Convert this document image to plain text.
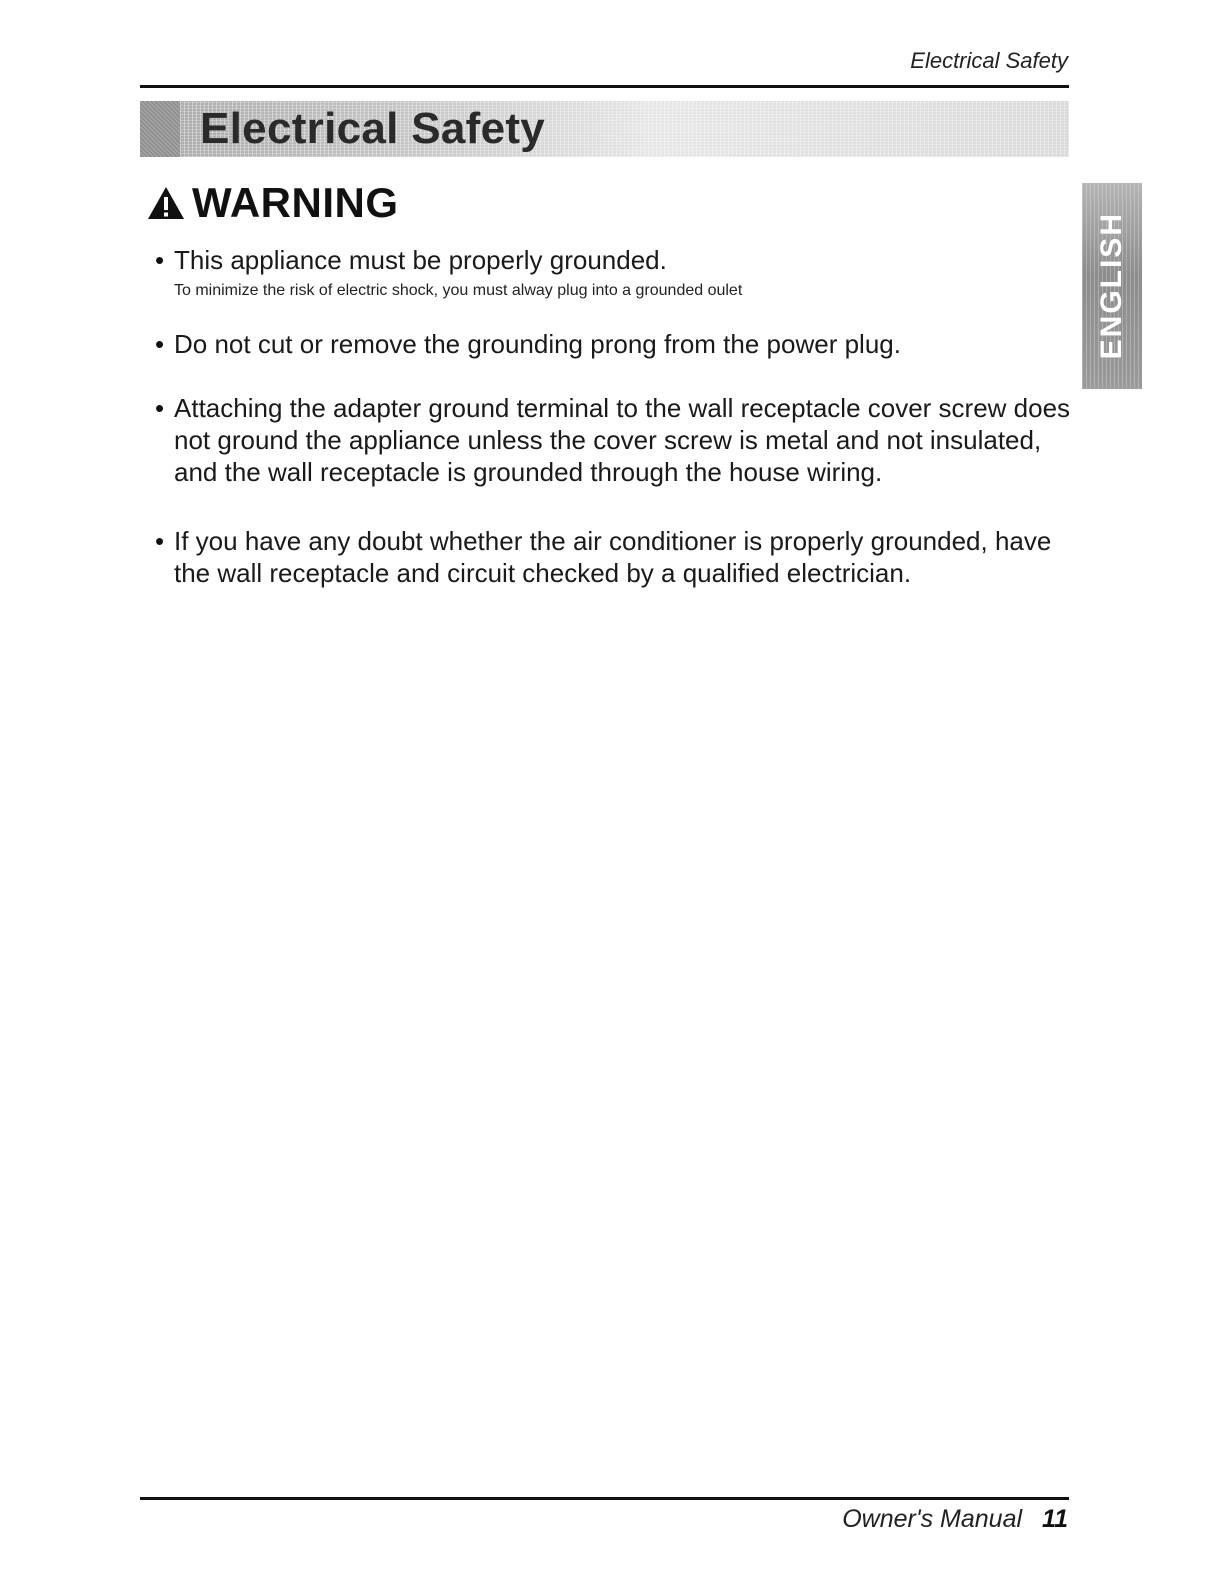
Electrical Safety
Electrical Safety
WARNING
• This appliance must be properly grounded.
To minimize the risk of electric shock, you must alway plug into a grounded oulet
• Do not cut or remove the grounding prong from the power plug.
• Attaching the adapter ground terminal to the wall receptacle cover screw does not ground the appliance unless the cover screw is metal and not insulated, and the wall receptacle is grounded through the house wiring.
• If you have any doubt whether the air conditioner is properly grounded, have the wall receptacle and circuit checked by a qualified electrician.
ENGLISH
Owner's Manual 11
